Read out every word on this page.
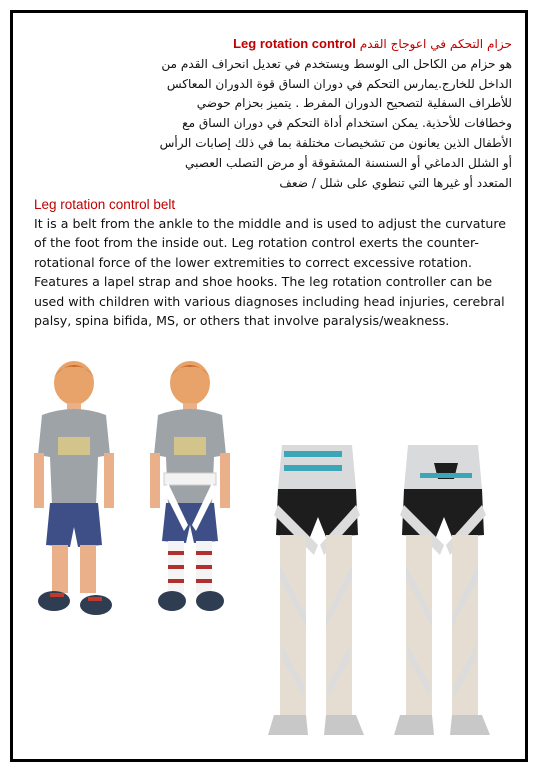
حزام التحكم في اعوجاج القدم Leg rotation control
هو حزام من الكاحل الى الوسط ويستخدم في تعديل انحراف القدم من
الداخل للخارج.يمارس التحكم في دوران الساق قوة الدوران المعاكس
للأطراف السفلية لتصحيح الدوران المفرط . يتميز بحزام حوضي
وخطافات للأحذية. يمكن استخدام أداة التحكم في دوران الساق مع
الأطفال الذين يعانون من تشخيصات مختلفة بما في ذلك إصابات الرأس
أو الشلل الدماغي أو السنسنة المشقوقة أو مرض التصلب العصبي
المتعدد أو غيرها التي تنطوي على شلل / ضعف
Leg rotation control belt
It is a belt from the ankle to the middle and is used to adjust the curvature of the foot from the inside out. Leg rotation control exerts the counter-rotational force of the lower extremities to correct excessive rotation. Features a lapel strap and shoe hooks. The leg rotation controller can be used with children with various diagnoses including head injuries, cerebral palsy, spina bifida, MS, or others that involve paralysis/weakness.
